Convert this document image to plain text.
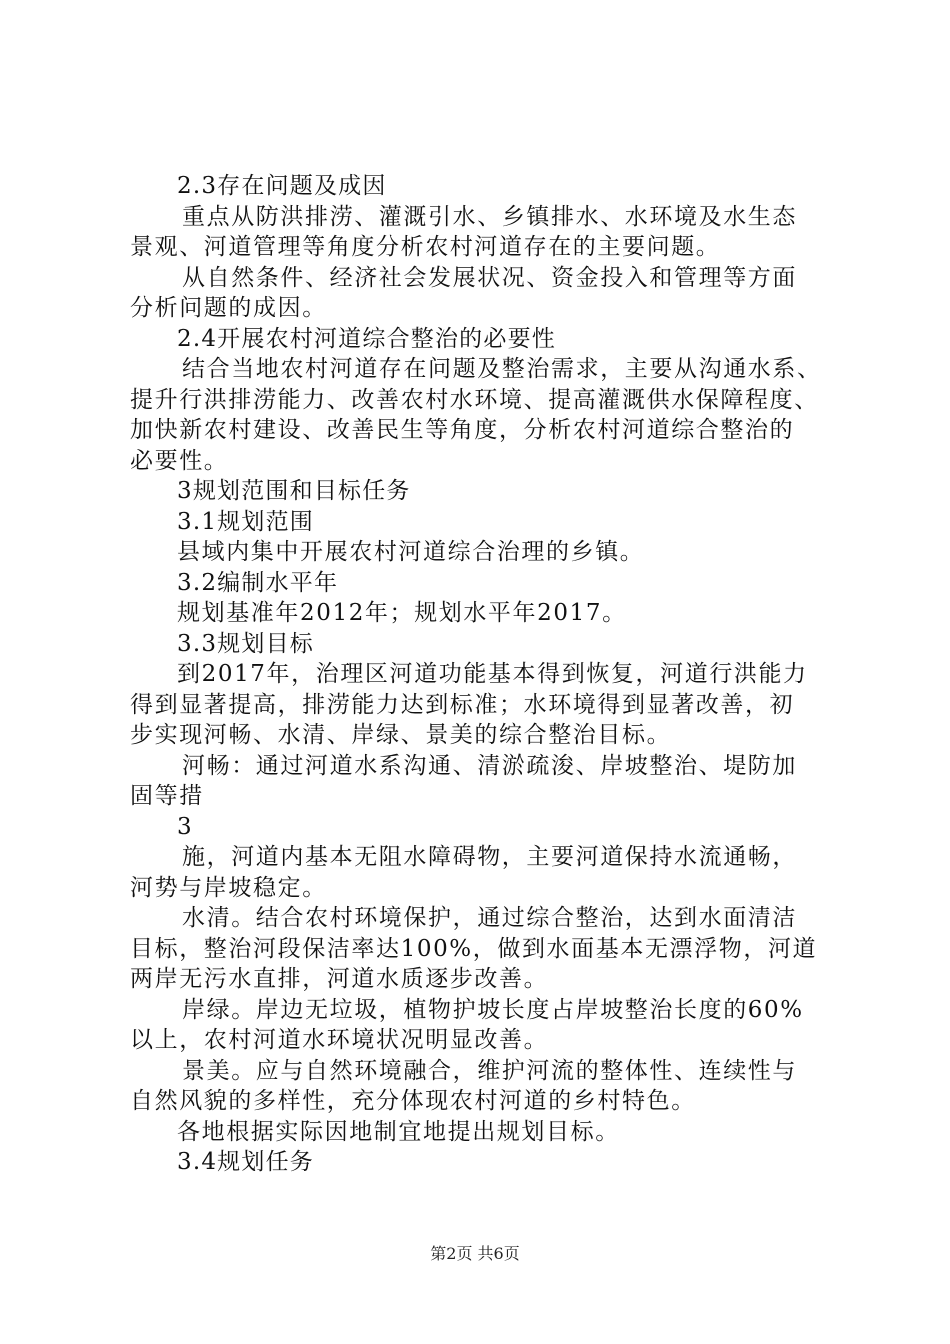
2.3存在问题及成因
重点从防洪排涝、灌溉引水、乡镇排水、水环境及水生态
景观、河道管理等角度分析农村河道存在的主要问题。
从自然条件、经济社会发展状况、资金投入和管理等方面
分析问题的成因。
2.4开展农村河道综合整治的必要性
结合当地农村河道存在问题及整治需求，主要从沟通水系、
提升行洪排涝能力、改善农村水环境、提高灌溉供水保障程度、
加快新农村建设、改善民生等角度，分析农村河道综合整治的
必要性。
3规划范围和目标任务
3.1规划范围
县域内集中开展农村河道综合治理的乡镇。
3.2编制水平年
规划基准年2012年；规划水平年2017。
3.3规划目标
到2017年，治理区河道功能基本得到恢复，河道行洪能力
得到显著提高，排涝能力达到标准；水环境得到显著改善，初
步实现河畅、水清、岸绿、景美的综合整治目标。
河畅：通过河道水系沟通、清淤疏浚、岸坡整治、堤防加
固等措
3
施，河道内基本无阻水障碍物，主要河道保持水流通畅，
河势与岸坡稳定。
水清。结合农村环境保护，通过综合整治，达到水面清洁
目标，整治河段保洁率达100%，做到水面基本无漂浮物，河道
两岸无污水直排，河道水质逐步改善。
岸绿。岸边无垃圾，植物护坡长度占岸坡整治长度的60%
以上，农村河道水环境状况明显改善。
景美。应与自然环境融合，维护河流的整体性、连续性与
自然风貌的多样性，充分体现农村河道的乡村特色。
各地根据实际因地制宜地提出规划目标。
3.4规划任务
第2页 共6页
